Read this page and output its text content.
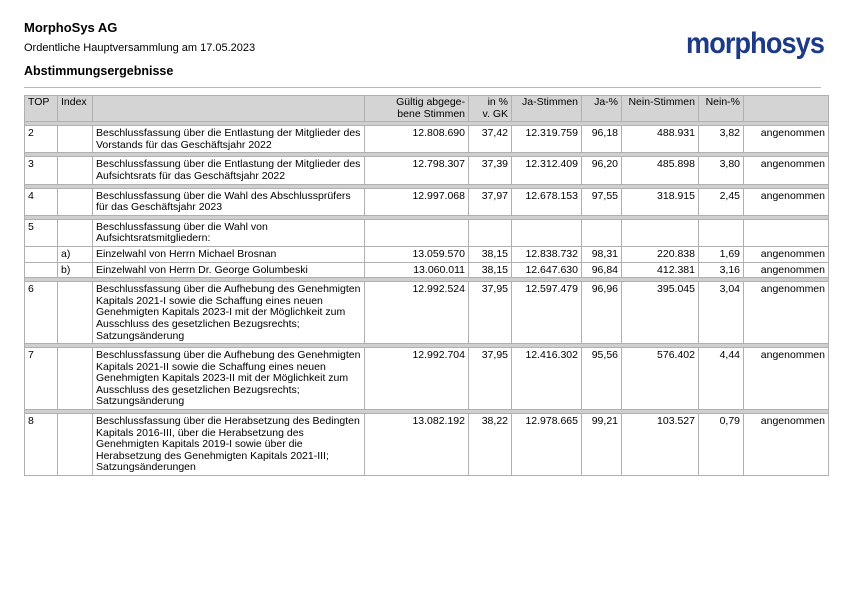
MorphoSys AG
Ordentliche Hauptversammlung am 17.05.2023
Abstimmungsergebnisse
morphosys
TOP	Index		Gültig abgege-
bene Stimmen	in %
v. GK	Ja-Stimmen	Ja-%	Nein-Stimmen	Nein-%	

2		Beschlussfassung über die Entlastung der Mitglieder des Vorstands für das Geschäftsjahr 2022	12.808.690	37,42	12.319.759	96,18	488.931	3,82	angenommen

3		Beschlussfassung über die Entlastung der Mitglieder des Aufsichtsrats für das Geschäftsjahr 2022	12.798.307	37,39	12.312.409	96,20	485.898	3,80	angenommen

4		Beschlussfassung über die Wahl des Abschlussprüfers für das Geschäftsjahr 2023	12.997.068	37,97	12.678.153	97,55	318.915	2,45	angenommen

5		Beschlussfassung über die Wahl von Aufsichtsratsmitgliedern:							
	a)	Einzelwahl von Herrn Michael Brosnan	13.059.570	38,15	12.838.732	98,31	220.838	1,69	angenommen
	b)	Einzelwahl von Herrn Dr. George Golumbeski	13.060.011	38,15	12.647.630	96,84	412.381	3,16	angenommen

6		Beschlussfassung über die Aufhebung des Genehmigten Kapitals 2021-I sowie die Schaffung eines neuen Genehmigten Kapitals 2023-I mit der Möglichkeit zum Ausschluss des gesetzlichen Bezugsrechts; Satzungsänderung	12.992.524	37,95	12.597.479	96,96	395.045	3,04	angenommen

7		Beschlussfassung über die Aufhebung des Genehmigten Kapitals 2021-II sowie die Schaffung eines neuen Genehmigten Kapitals 2023-II mit der Möglichkeit zum Ausschluss des gesetzlichen Bezugsrechts; Satzungsänderung	12.992.704	37,95	12.416.302	95,56	576.402	4,44	angenommen

8		Beschlussfassung über die Herabsetzung des Bedingten Kapitals 2016-III, über die Herabsetzung des Genehmigten Kapitals 2019-I sowie über die Herabsetzung des Genehmigten Kapitals 2021-III; Satzungsänderungen	13.082.192	38,22	12.978.665	99,21	103.527	0,79	angenommen
